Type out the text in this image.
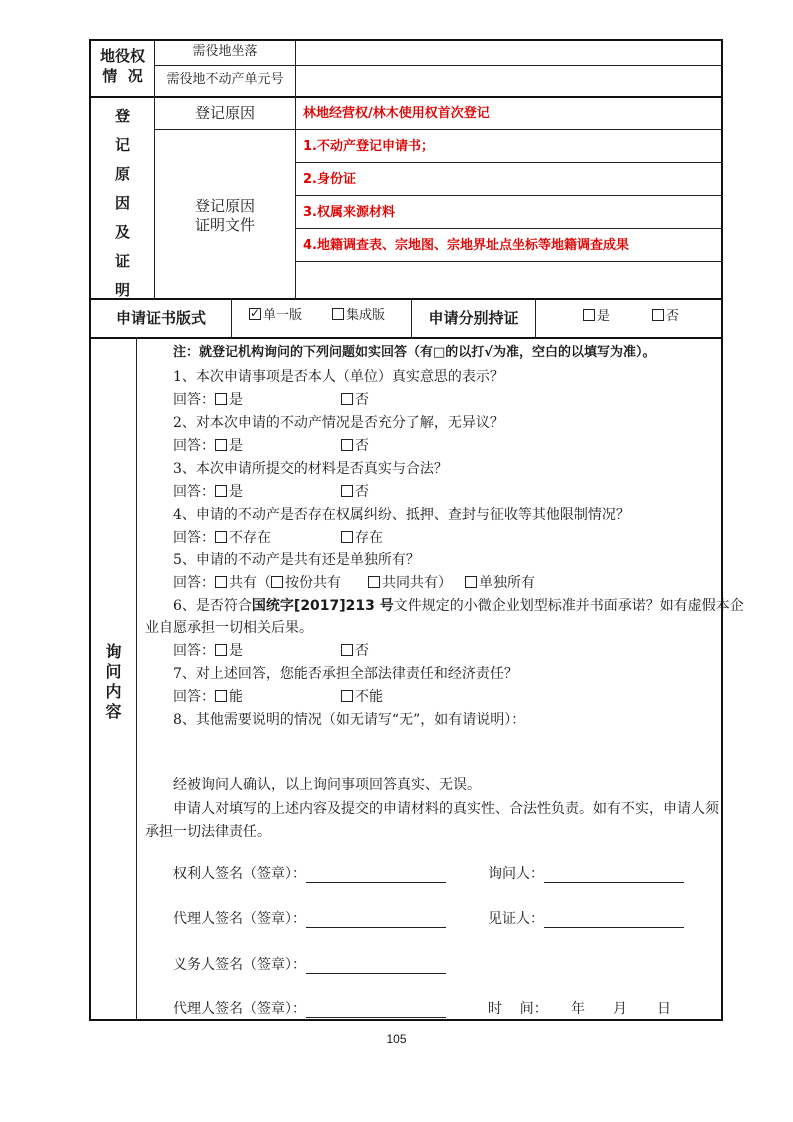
地役权
情  况
需役地坐落
需役地不动产单元号
登
记
原
因
及
证
明
登记原因	林地经营权/林木使用权首次登记
登记原因
证明文件
1.不动产登记申请书；
2.身份证
3.权属来源材料
4.地籍调查表、宗地图、宗地界址点坐标等地籍调查成果
申请证书版式
✓	单一版	集成版	申请分别持证	是	否
询
问
内
容
注：就登记机构询问的下列问题如实回答（有□的以打√为准，空白的以填写为准）。
1、本次申请事项是否本人（单位）真实意思的表示？
回答： 是	否
2、对本次申请的不动产情况是否充分了解，无异议？
回答： 是	否
3、本次申请所提交的材料是否真实与合法？
回答： 是	否
4、申请的不动产是否存在权属纠纷、抵押、查封与征收等其他限制情况？
回答： 不存在	存在
5、申请的不动产是共有还是单独所有？
回答： 共有（ 按份共有	共同共有）	单独所有
6、是否符合国统字[2017]213 号文件规定的小微企业划型标准并书面承诺？如有虚假本企
业自愿承担一切相关后果。
回答： 是	否
7、对上述回答，您能否承担全部法律责任和经济责任？
回答： 能	不能
8、其他需要说明的情况（如无请写“无”，如有请说明）：
经被询问人确认，以上询问事项回答真实、无误。
申请人对填写的上述内容及提交的申请材料的真实性、合法性负责。如有不实，申请人须
承担一切法律责任。
权利人签名（签章）：	询问人：
代理人签名（签章）：	见证人：
义务人签名（签章）：
代理人签名（签章）：	时    间： 年 月 日
105
